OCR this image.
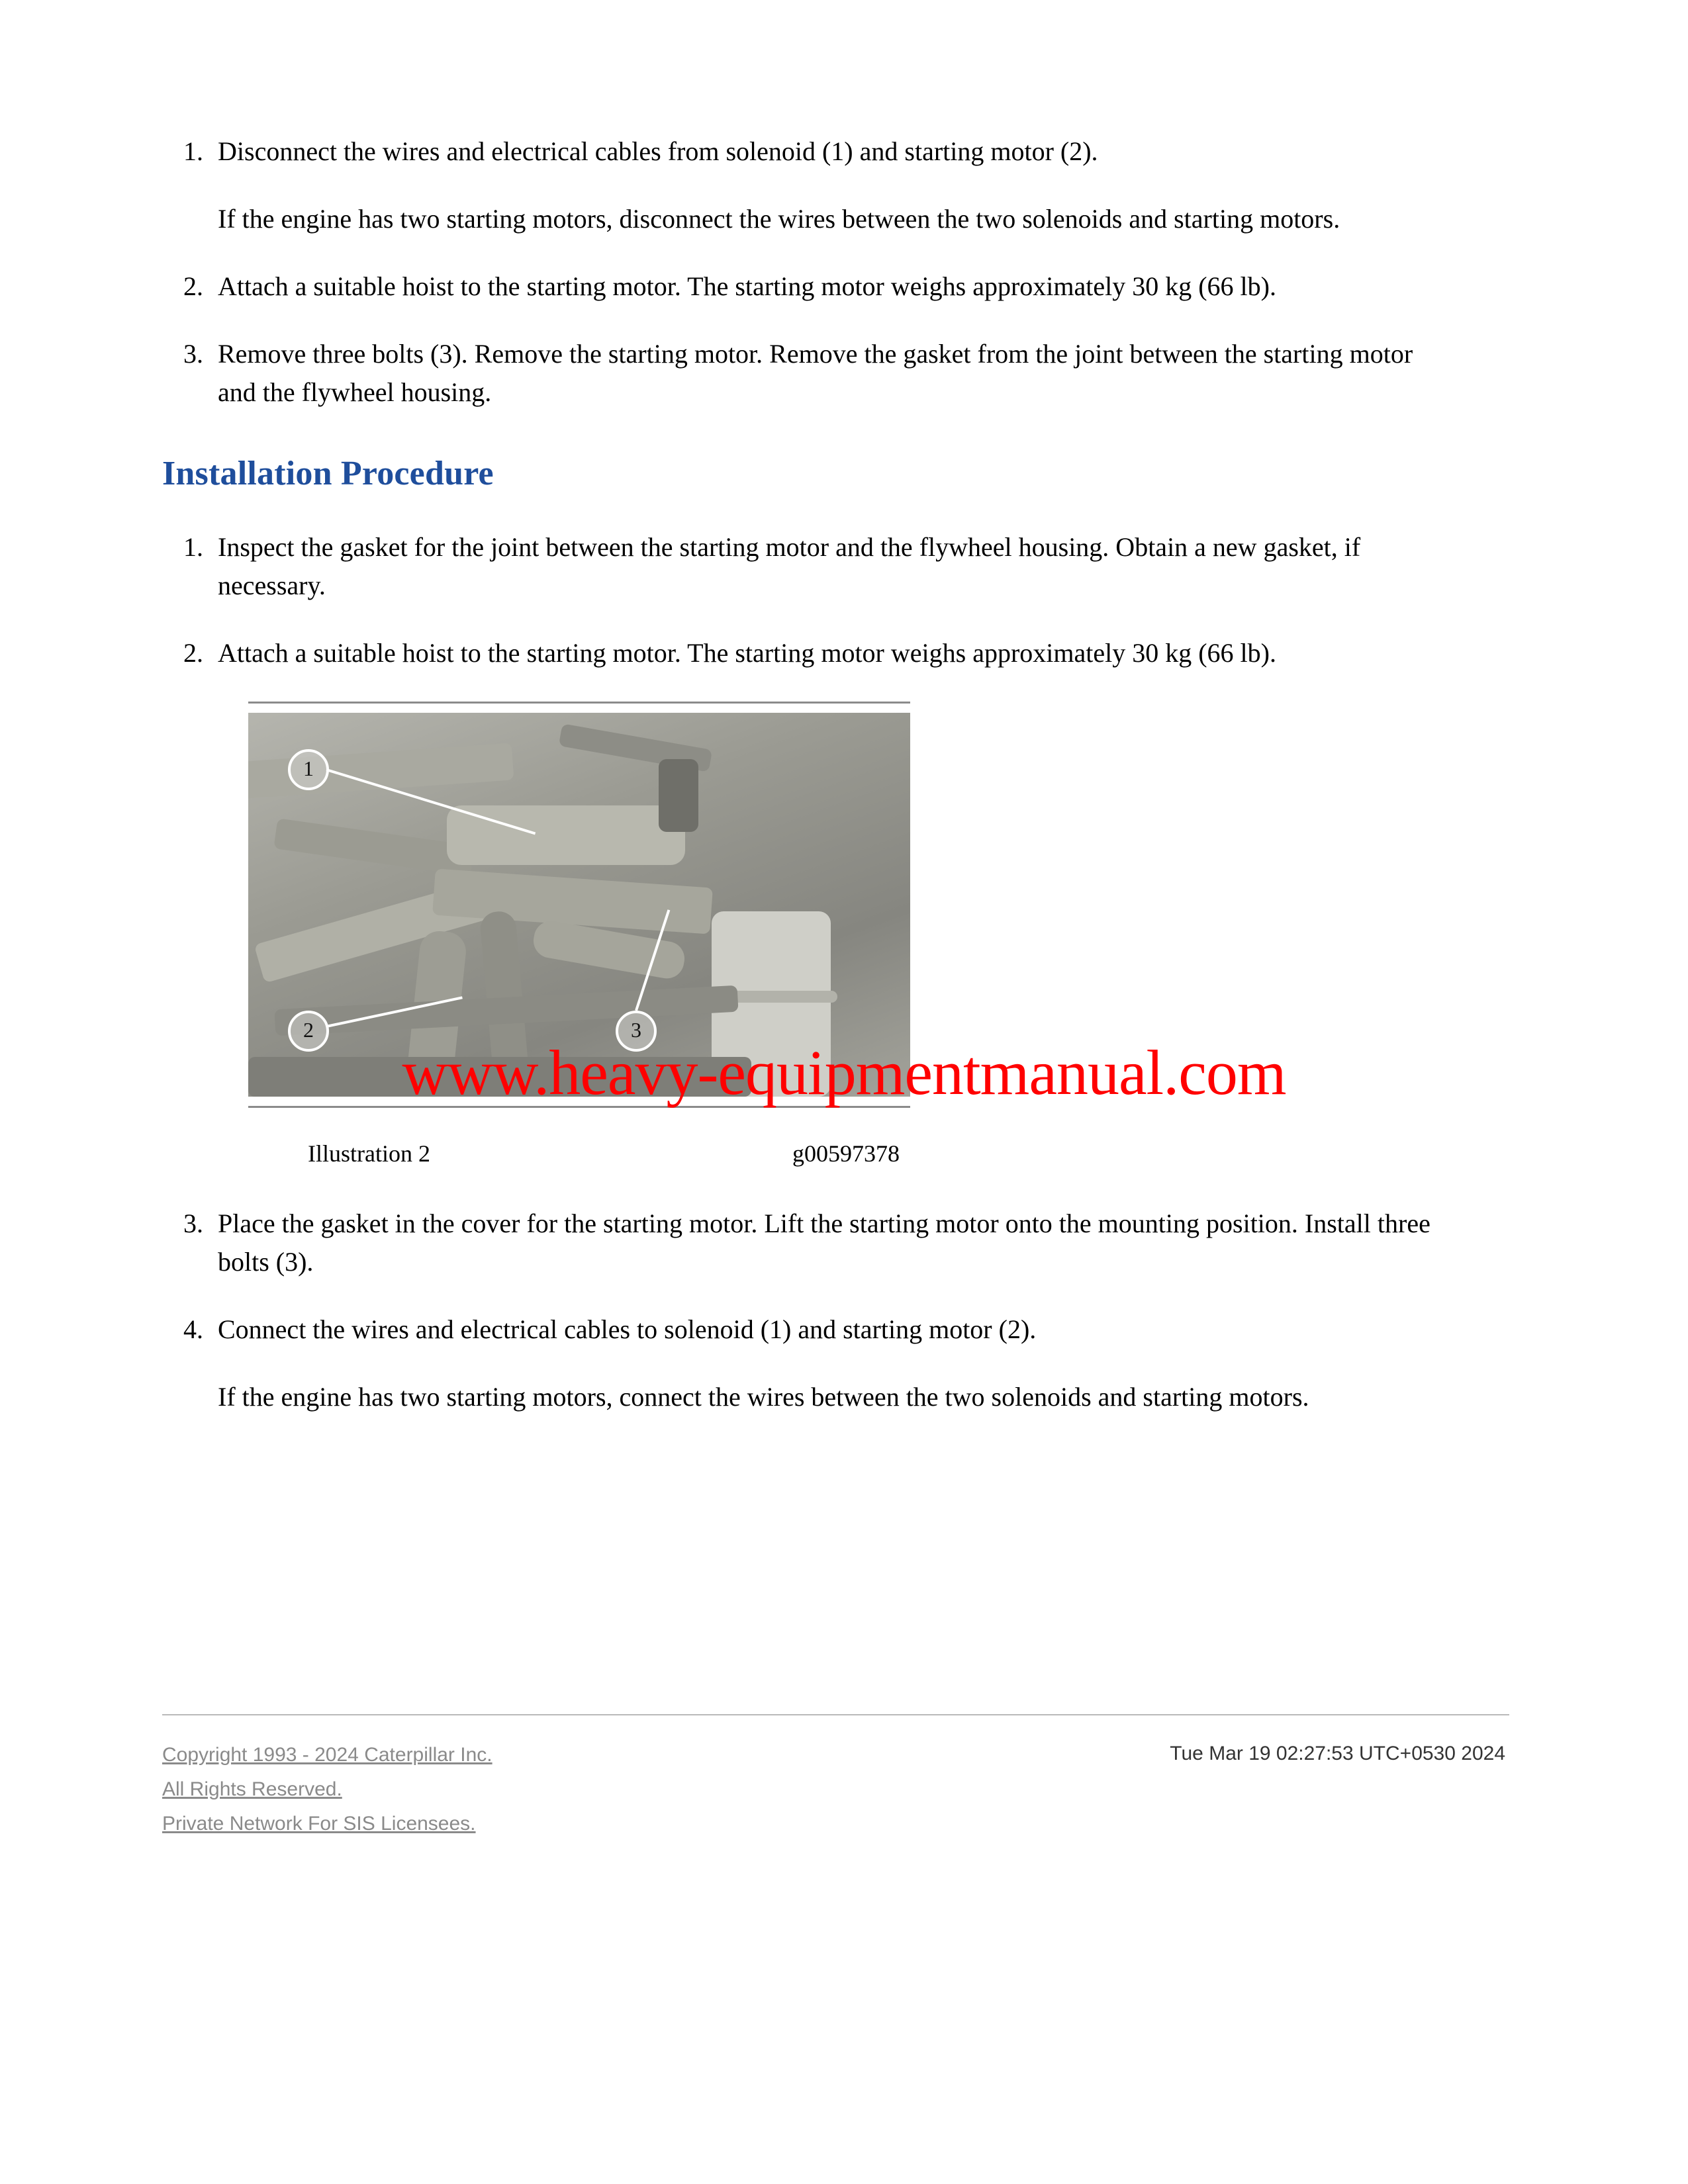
1. Disconnect the wires and electrical cables from solenoid (1) and starting motor (2).
If the engine has two starting motors, disconnect the wires between the two solenoids and starting motors.
2. Attach a suitable hoist to the starting motor. The starting motor weighs approximately 30 kg (66 lb).
3. Remove three bolts (3). Remove the starting motor. Remove the gasket from the joint between the starting motor and the flywheel housing.
Installation Procedure
1. Inspect the gasket for the joint between the starting motor and the flywheel housing. Obtain a new gasket, if necessary.
2. Attach a suitable hoist to the starting motor. The starting motor weighs approximately 30 kg (66 lb).
1
2	3
Illustration 2	g00597378
3. Place the gasket in the cover for the starting motor. Lift the starting motor onto the mounting position. Install three bolts (3).
4. Connect the wires and electrical cables to solenoid (1) and starting motor (2).
If the engine has two starting motors, connect the wires between the two solenoids and starting motors.
www.heavy-equipmentmanual.com
Copyright 1993 - 2024 Caterpillar Inc.
All Rights Reserved.
Private Network For SIS Licensees.
Tue Mar 19 02:27:53 UTC+0530 2024
